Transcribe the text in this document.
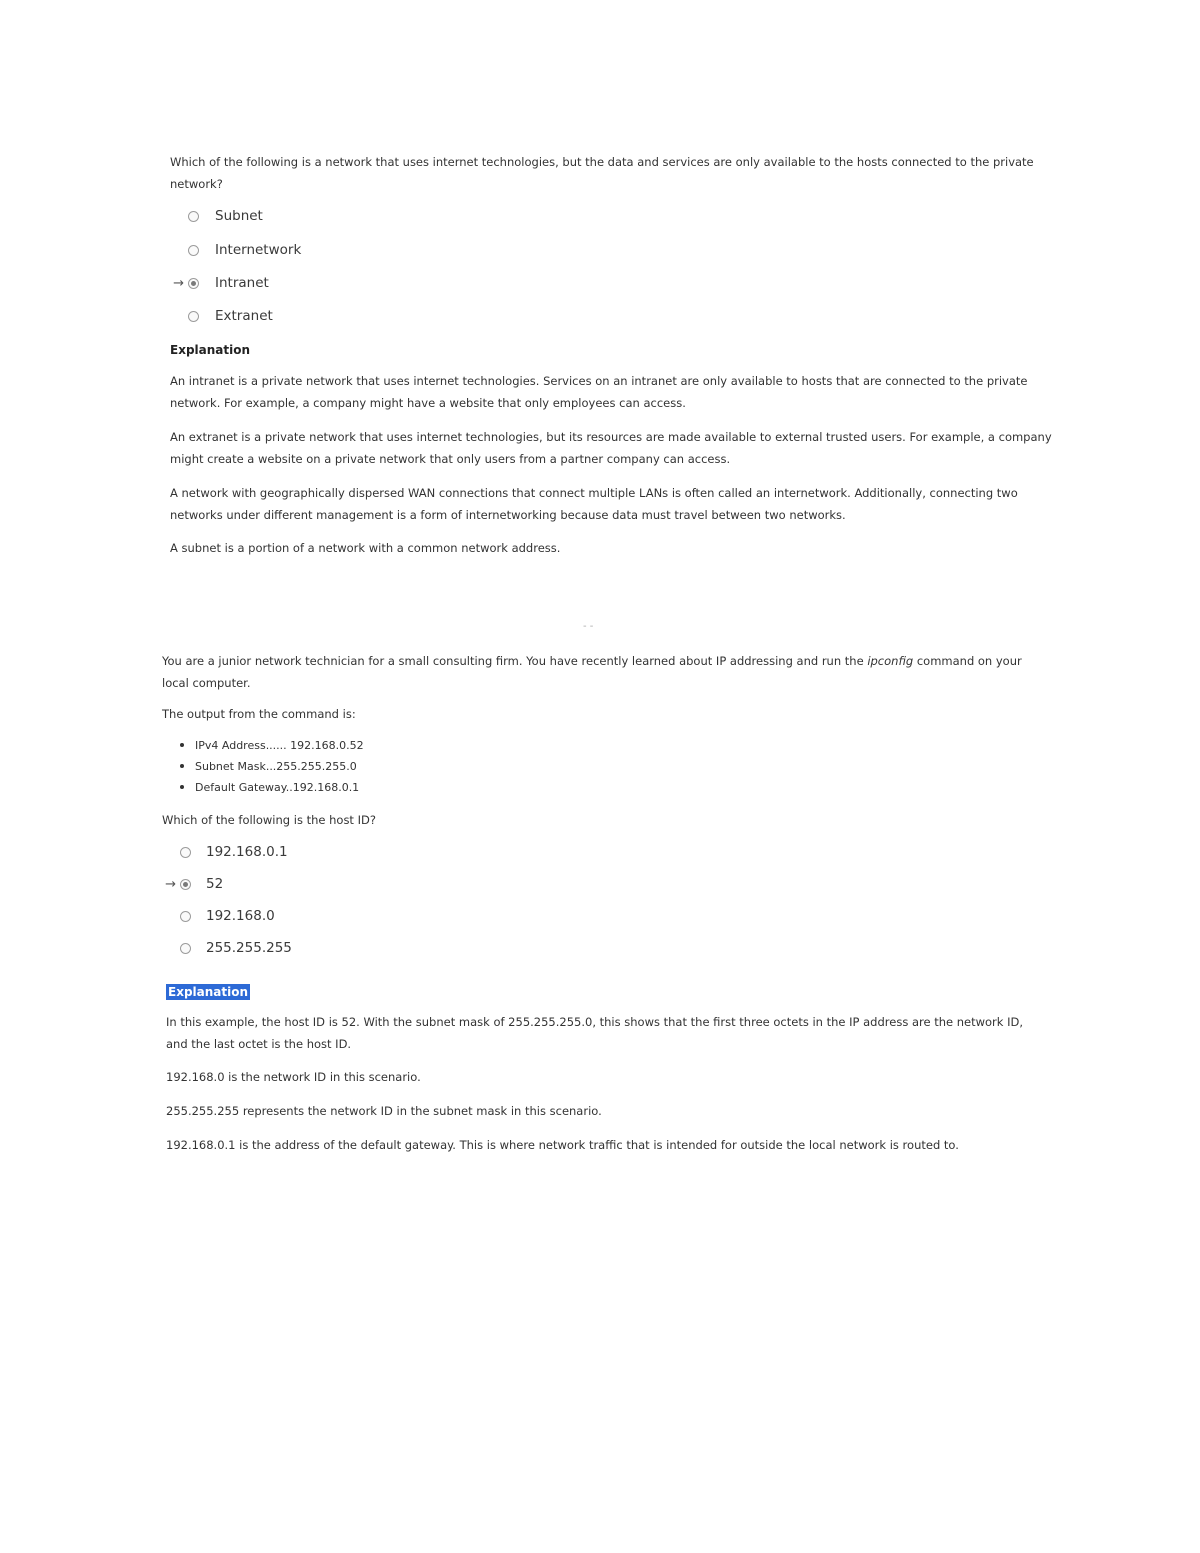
Which of the following is a network that uses internet technologies, but the data and services are only available to the hosts connected to the private network?
Subnet
Internetwork
→ Intranet
Extranet
Explanation
An intranet is a private network that uses internet technologies. Services on an intranet are only available to hosts that are connected to the private network. For example, a company might have a website that only employees can access.
An extranet is a private network that uses internet technologies, but its resources are made available to external trusted users. For example, a company might create a website on a private network that only users from a partner company can access.
A network with geographically dispersed WAN connections that connect multiple LANs is often called an internetwork. Additionally, connecting two networks under different management is a form of internetworking because data must travel between two networks.
A subnet is a portion of a network with a common network address.
- -
You are a junior network technician for a small consulting firm. You have recently learned about IP addressing and run the ipconfig command on your local computer.
The output from the command is:
IPv4 Address...... 192.168.0.52
Subnet Mask...255.255.255.0
Default Gateway..192.168.0.1
Which of the following is the host ID?
192.168.0.1
→ 52
192.168.0
255.255.255
Explanation
In this example, the host ID is 52. With the subnet mask of 255.255.255.0, this shows that the first three octets in the IP address are the network ID, and the last octet is the host ID.
192.168.0 is the network ID in this scenario.
255.255.255 represents the network ID in the subnet mask in this scenario.
192.168.0.1 is the address of the default gateway. This is where network traffic that is intended for outside the local network is routed to.
